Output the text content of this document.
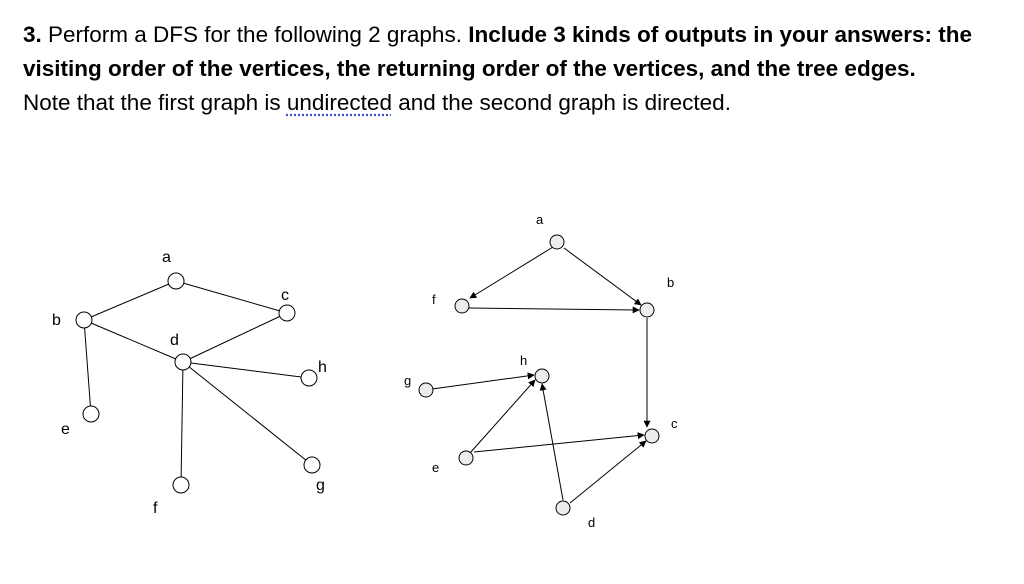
3. Perform a DFS for the following 2 graphs. Include 3 kinds of outputs in your answers: the visiting order of the vertices, the returning order of the vertices, and the tree edges.

Note that the first graph is undirected and the second graph is directed.

a
b
c
d
e
f
g
h
a
b
c
d
e
f
g
h
